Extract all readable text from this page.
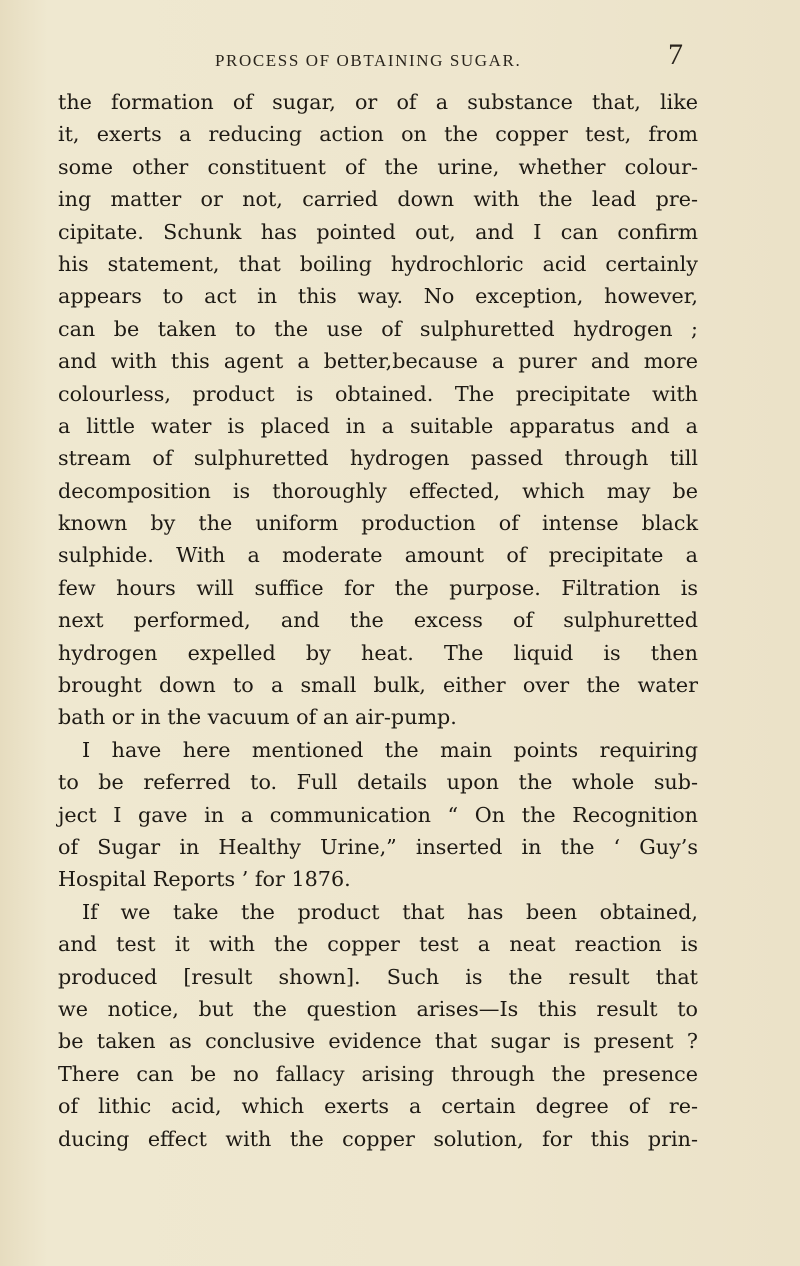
PROCESS OF OBTAINING SUGAR.	7
the formation of sugar, or of a substance that, like
it, exerts a reducing action on the copper test, from
some other constituent of the urine, whether colour-
ing matter or not, carried down with the lead pre-
cipitate. Schunk has pointed out, and I can confirm
his statement, that boiling hydrochloric acid certainly
appears to act in this way. No exception, however,
can be taken to the use of sulphuretted hydrogen ;
and with this agent a better,because a purer and more
colourless, product is obtained. The precipitate with
a little water is placed in a suitable apparatus and a
stream of sulphuretted hydrogen passed through till
decomposition is thoroughly effected, which may be
known by the uniform production of intense black
sulphide. With a moderate amount of precipitate a
few hours will suffice for the purpose. Filtration is
next performed, and the excess of sulphuretted
hydrogen expelled by heat. The liquid is then
brought down to a small bulk, either over the water
bath or in the vacuum of an air-pump.
I have here mentioned the main points requiring
to be referred to. Full details upon the whole sub-
ject I gave in a communication “ On the Recognition
of Sugar in Healthy Urine,” inserted in the ‘ Guy’s
Hospital Reports ’ for 1876.
If we take the product that has been obtained,
and test it with the copper test a neat reaction is
produced [result shown]. Such is the result that
we notice, but the question arises—Is this result to
be taken as conclusive evidence that sugar is present ?
There can be no fallacy arising through the presence
of lithic acid, which exerts a certain degree of re-
ducing effect with the copper solution, for this prin-
